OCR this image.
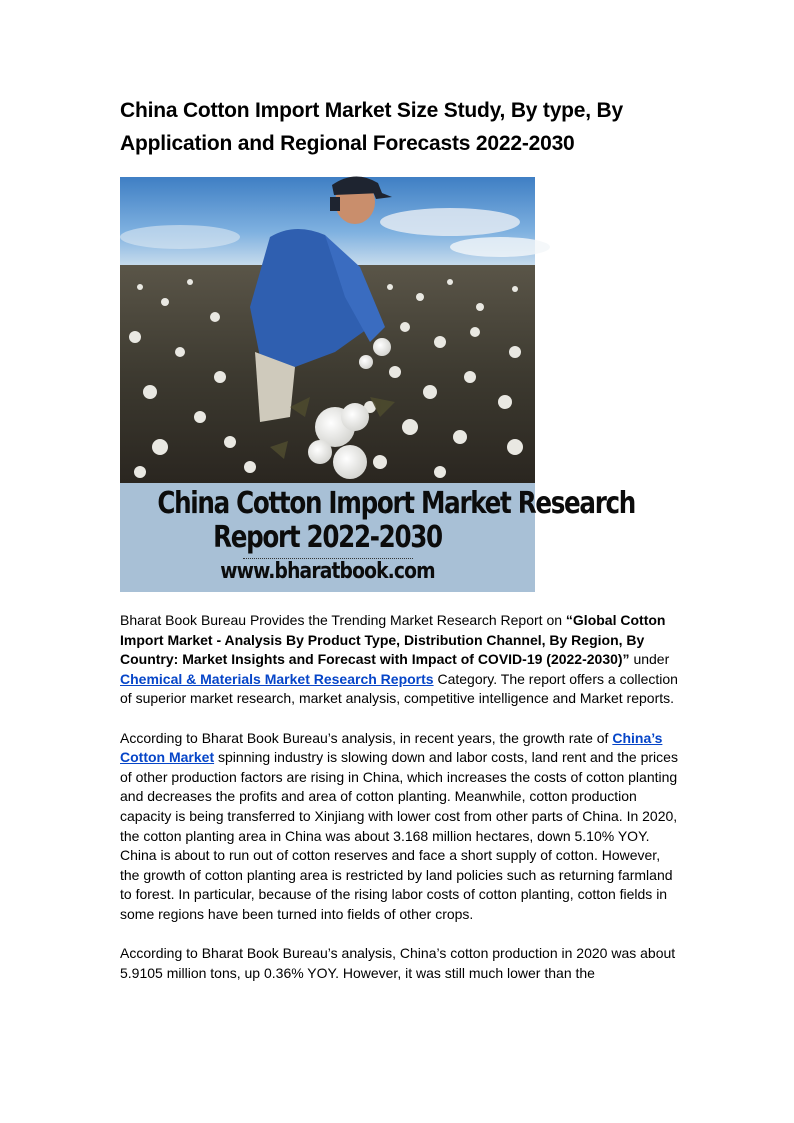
China Cotton Import Market Size Study, By type, By Application and Regional Forecasts 2022-2030
China Cotton Import Market Research
Report 2022-2030
www.bharatbook.com

Bharat Book Bureau Provides the Trending Market Research Report on “Global Cotton Import Market - Analysis By Product Type, Distribution Channel, By Region, By Country: Market Insights and Forecast with Impact of COVID-19 (2022-2030)” under Chemical & Materials Market Research Reports Category. The report offers a collection of superior market research, market analysis, competitive intelligence and Market reports.

According to Bharat Book Bureau’s analysis, in recent years, the growth rate of China’s Cotton Market spinning industry is slowing down and labor costs, land rent and the prices of other production factors are rising in China, which increases the costs of cotton planting and decreases the profits and area of cotton planting. Meanwhile, cotton production capacity is being transferred to Xinjiang with lower cost from other parts of China. In 2020, the cotton planting area in China was about 3.168 million hectares, down 5.10% YOY. China is about to run out of cotton reserves and face a short supply of cotton. However, the growth of cotton planting area is restricted by land policies such as returning farmland to forest. In particular, because of the rising labor costs of cotton planting, cotton fields in some regions have been turned into fields of other crops.

According to Bharat Book Bureau’s analysis, China’s cotton production in 2020 was about 5.9105 million tons, up 0.36% YOY. However, it was still much lower than the
